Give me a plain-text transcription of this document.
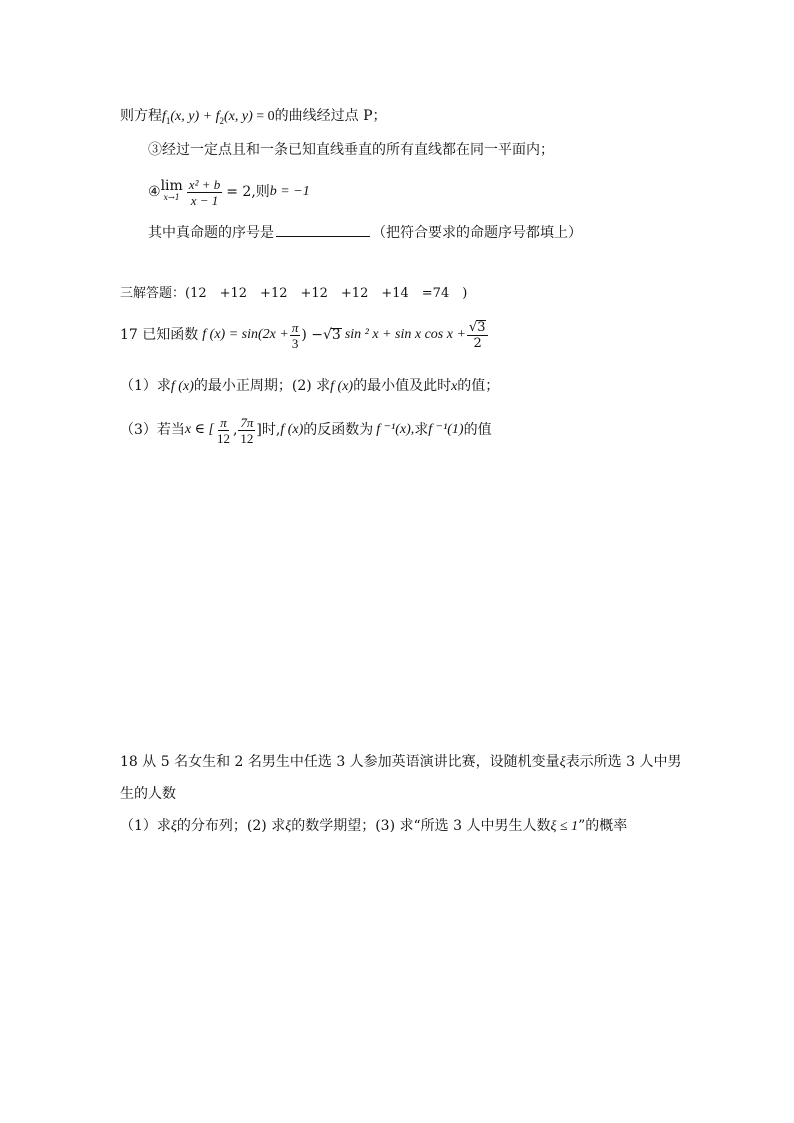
则方程$f_1(x$, $y) + f_2(x$, y) = 0的曲线经过点 P；
③经过一定点且和一条已知直线垂直的所有直线都在同一平面内；
④ lim
$x\to 1 \frac{\text{x² + b}}{x - 1} = 2$,则 b = −1
其中真命题的序号是	（把符合要求的命题序号都填上）
三解答题：(12　+12　+12　+12　+12　+14　=74　)
17 已知函数 f $(x) = \sin(2x + \frac{\pi}{3}$ ) − √ 3 sin ² x + sin x $\cos x + \frac{√3}{2}$
（1）求f (x)的最小正周期；(2) 求f (x)的最小值及此时x的值；
（3）若当 x ∈ [ $\frac{\pi}{12}$ , $\frac{7\pi}{12}$ ]时, f (x) 的反函数为 f ⁻¹(x), 求 f ⁻¹(1) 的值
18 从 5 名女生和 2 名男生中任选 3 人参加英语演讲比赛，设随机变量ξ表示所选 3 人中男
生的人数
（1）求ξ的分布列；(2) 求ξ的数学期望；(3) 求“所选 3 人中男生人数ξ ≤ 1”的概率
